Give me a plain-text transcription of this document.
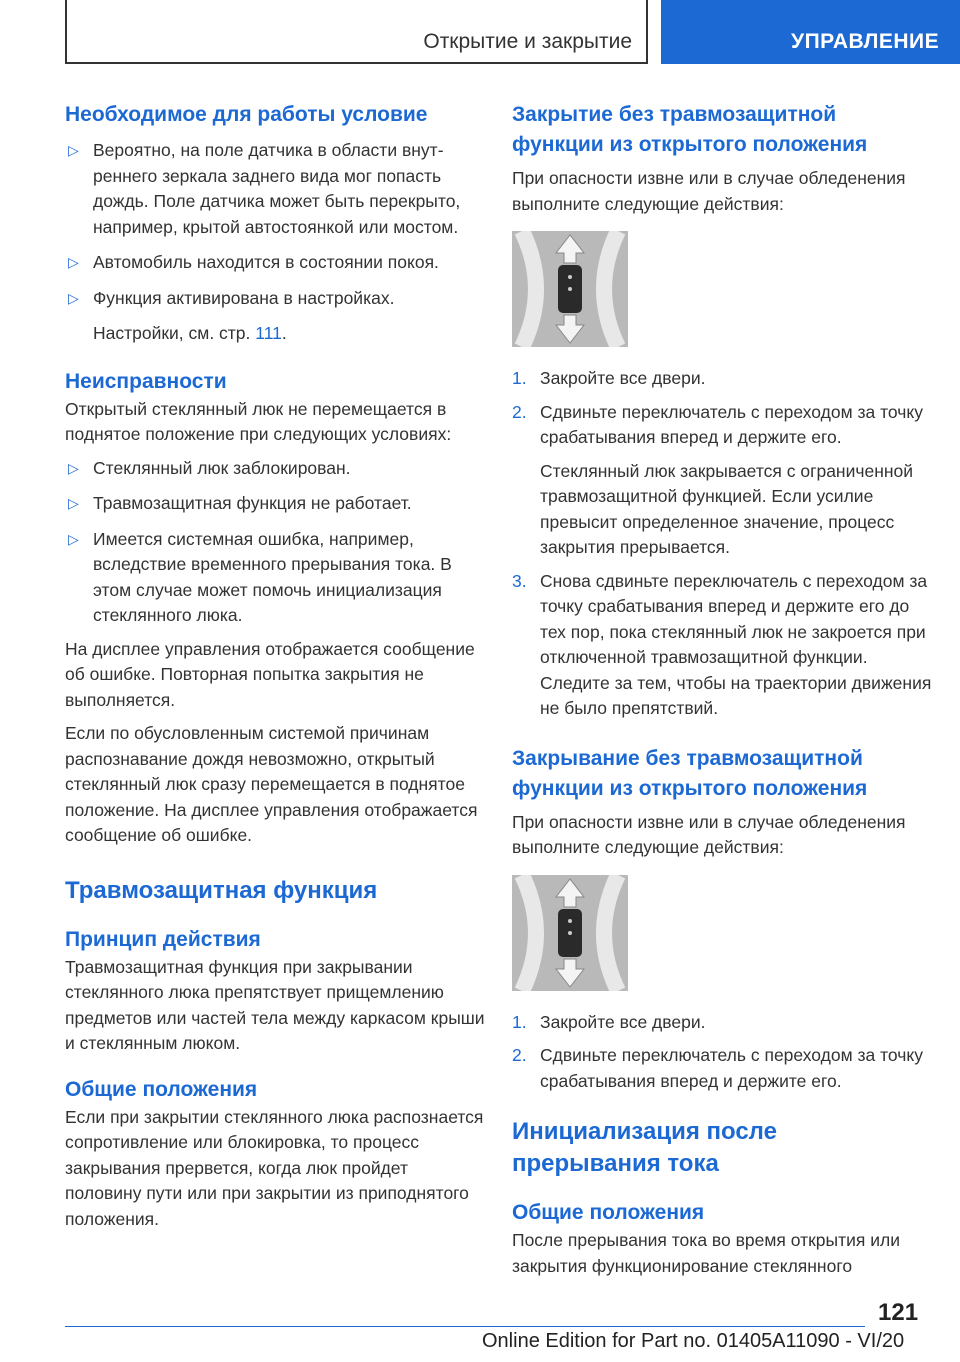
Открытие и закрытие	УПРАВЛЕНИЕ
Необходимое для работы условие
▷ Вероятно, на поле датчика в области внутреннего зеркала заднего вида мог попасть дождь. Поле датчика может быть перекрыто, например, крытой автостоянкой или мостом.
▷ Автомобиль находится в состоянии покоя.
▷ Функция активирована в настройках.
Настройки, см. стр. 111.
Неисправности

Открытый стеклянный люк не перемещается в поднятое положение при следующих условиях:

▷ Стеклянный люк заблокирован.
▷ Травмозащитная функция не работает.
▷ Имеется системная ошибка, например, вследствие временного прерывания тока. В этом случае может помочь инициализация стеклянного люка.

На дисплее управления отображается сообщение об ошибке. Повторная попытка закрытия не выполняется.

Если по обусловленным системой причинам распознавание дождя невозможно, открытый стеклянный люк сразу перемещается в поднятое положение. На дисплее управления отображается сообщение об ошибке.

Травмозащитная функция
Принцип действия

Травмозащитная функция при закрывании стеклянного люка препятствует прищемлению предметов или частей тела между каркасом крыши и стеклянным люком.

Общие положения

Если при закрытии стеклянного люка распознается сопротивление или блокировка, то процесс закрывания прервется, когда люк пройдет половину пути или при закрытии из приподнятого положения.

Закрытие без травмозащитной функции из открытого положения

При опасности извне или в случае обледенения выполните следующие действия:

1. Закройте все двери.
2. Сдвиньте переключатель с переходом за точку срабатывания вперед и держите его.

Стеклянный люк закрывается с ограниченной травмозащитной функцией. Если усилие превысит определенное значение, процесс закрытия прерывается.

3. Снова сдвиньте переключатель с переходом за точку срабатывания вперед и держите его до тех пор, пока стеклянный люк не закроется при отключенной травмозащитной функции. Следите за тем, чтобы на траектории движения не было препятствий.
Закрывание без травмозащитной функции из открытого положения

При опасности извне или в случае обледенения выполните следующие действия:

1. Закройте все двери.
2. Сдвиньте переключатель с переходом за точку срабатывания вперед и держите его.
Инициализация после прерывания тока
Общие положения

После прерывания тока во время открытия или закрытия функционирование стеклянного

121
Online Edition for Part no. 01405A11090 - VI/20
